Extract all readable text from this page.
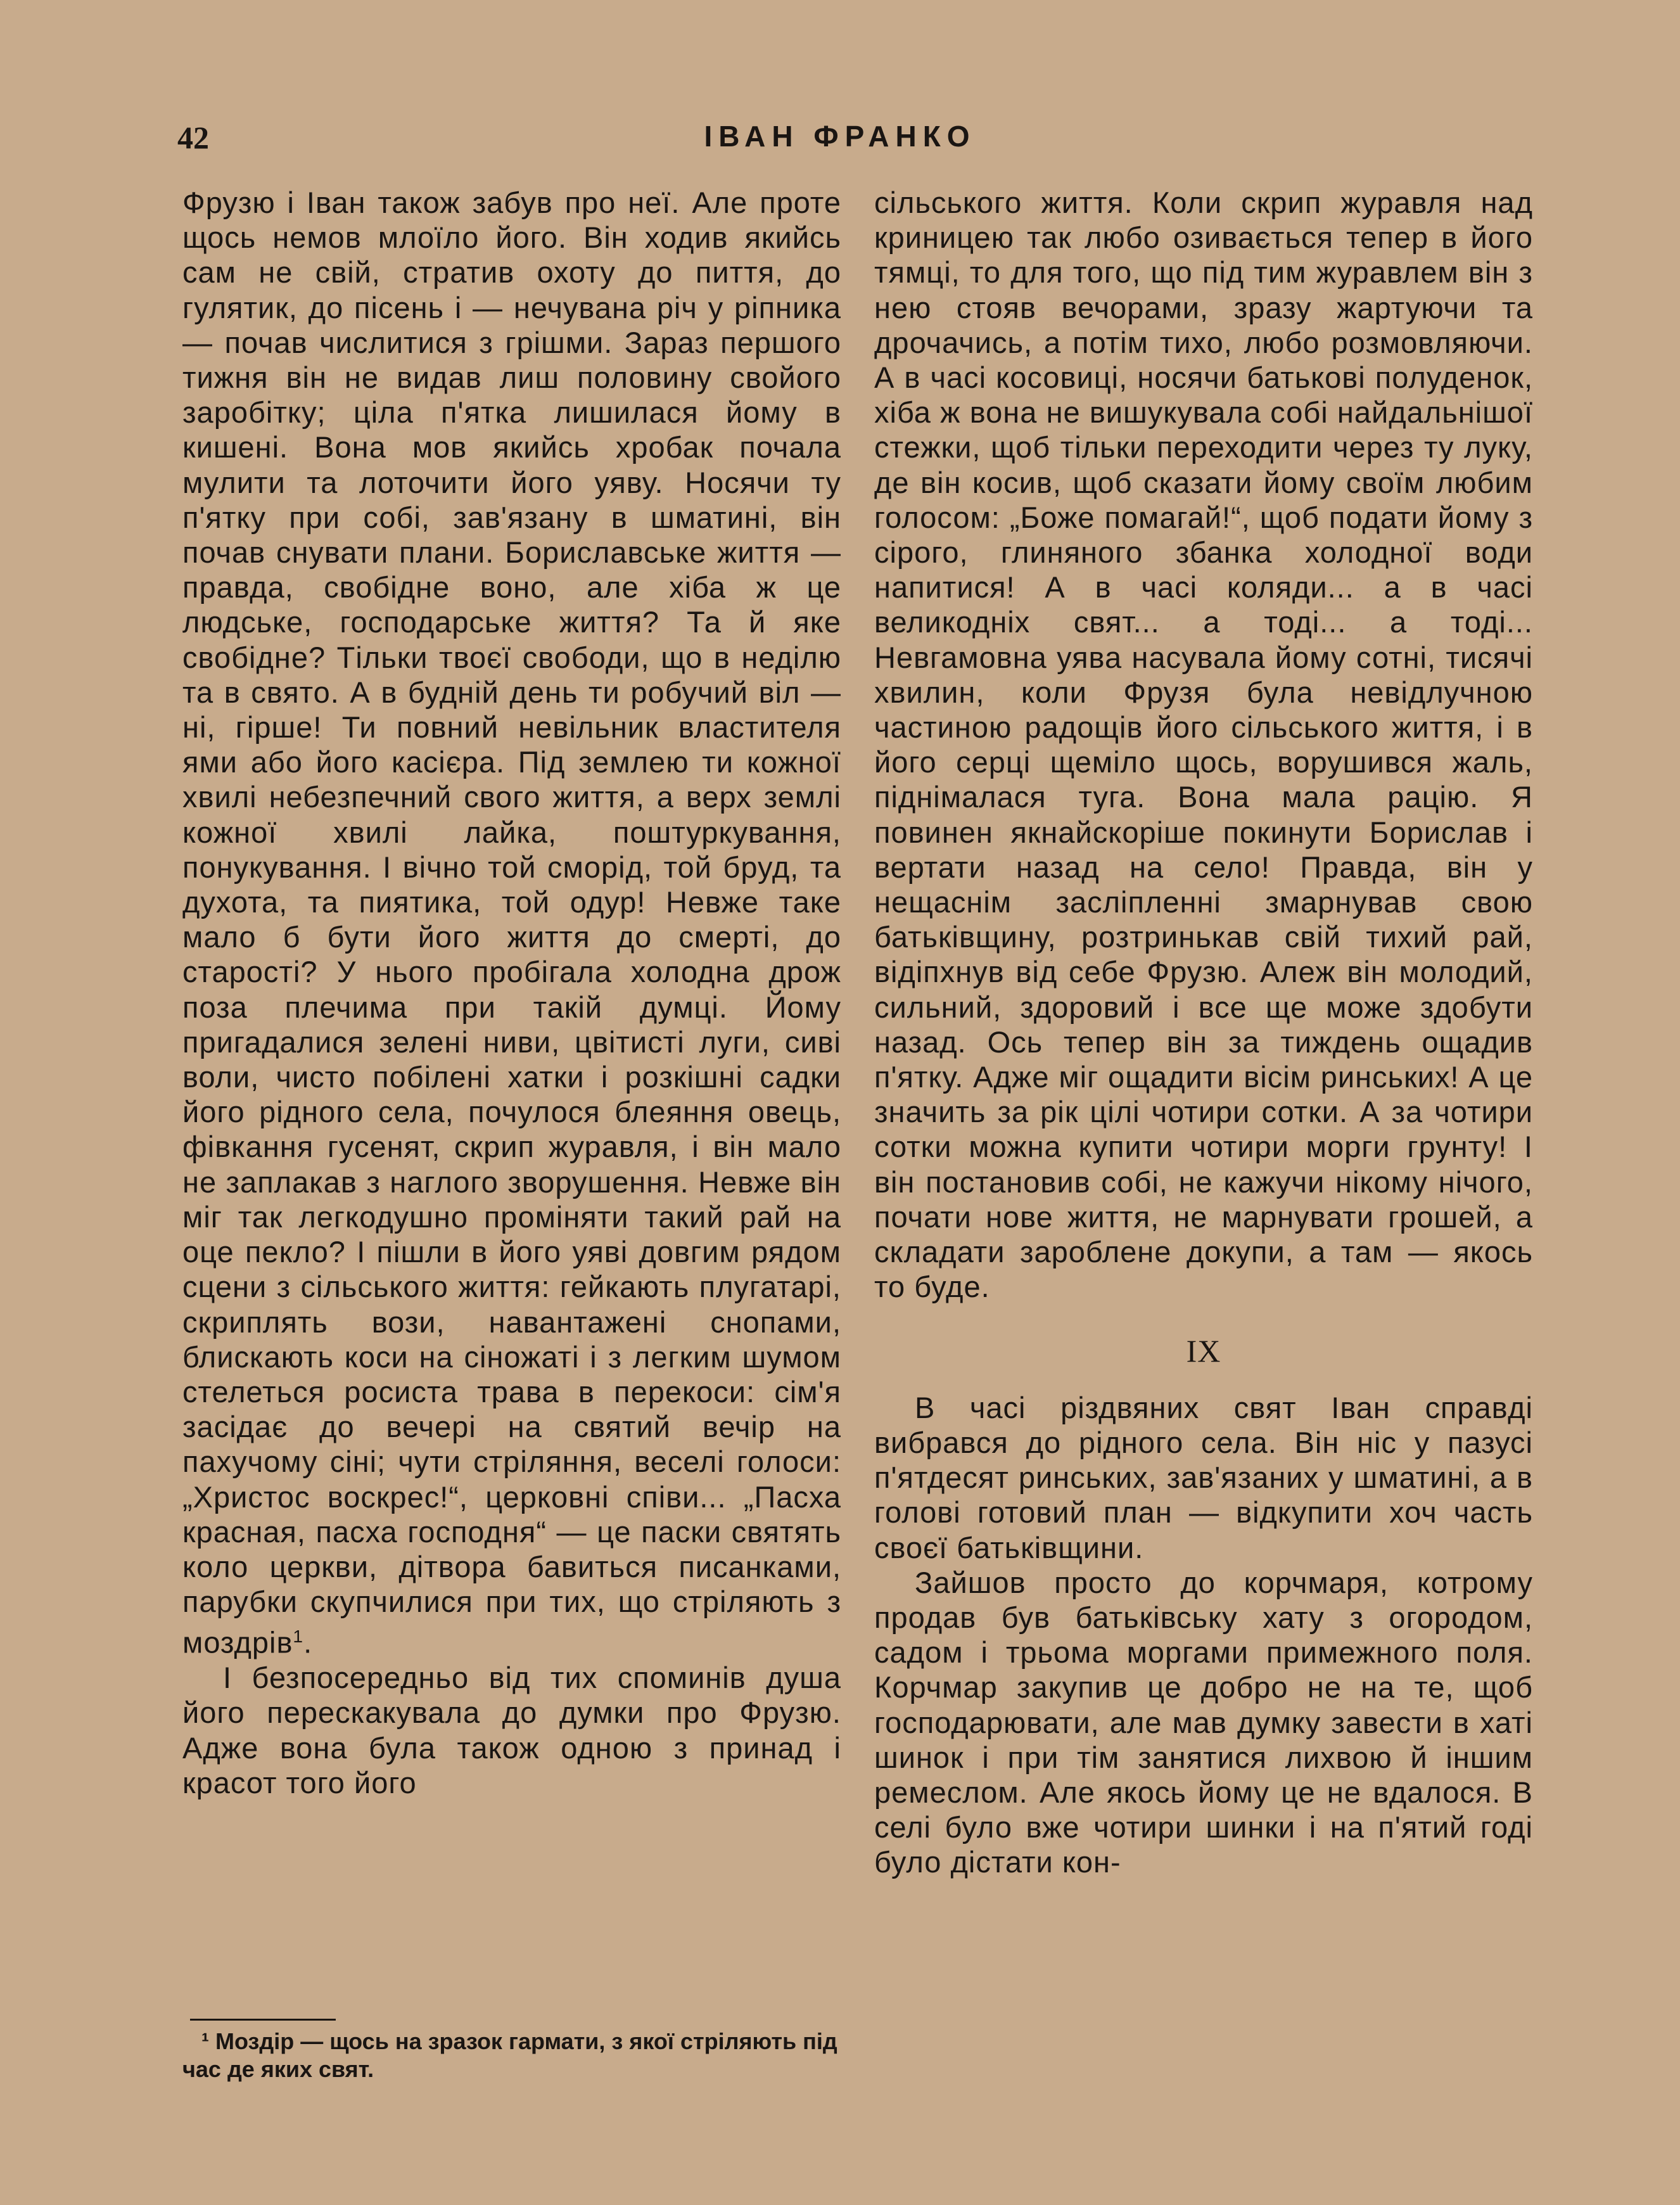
42	ІВАН ФРАНКО

Фрузю і Іван також забув про неї. Але проте щось немов млоїло його. Він ходив якийсь сам не свій, стратив охоту до пиття, до гулятик, до пісень і — нечувана річ у ріпника — почав числитися з грішми. Зараз першого тижня він не видав лиш половину свойого заробітку; ціла п'ятка лишилася йому в кишені. Вона мов якийсь хробак почала мулити та лоточити його уяву. Носячи ту п'ятку при собі, зав'язану в шматині, він почав снувати плани. Бориславське життя — правда, свобідне воно, але хіба ж це людське, господарське життя? Та й яке свобідне? Тільки твоєї свободи, що в неділю та в свято. А в будній день ти робучий віл — ні, гірше! Ти повний невільник властителя ями або його касієра. Під землею ти кожної хвилі небезпечний свого життя, а верх землі кожної хвилі лайка, поштуркування, понукування. І вічно той сморід, той бруд, та духота, та пиятика, той одур! Невже таке мало б бути його життя до смерті, до старості? У нього пробігала холодна дрож поза плечима при такій думці. Йому пригадалися зелені ниви, цвітисті луги, сиві воли, чисто побілені хатки і розкішні садки його рідного села, почулося блеяння овець, фівкання гусенят, скрип журавля, і він мало не заплакав з наглого зворушення. Невже він міг так легкодушно проміняти такий рай на оце пекло? І пішли в його уяві довгим рядом сцени з сільського життя: гейкають плугатарі, скриплять вози, навантажені снопами, блискають коси на сіножаті і з легким шумом стелеться росиста трава в перекоси: сім'я засідає до вечері на святий вечір на пахучому сіні; чути стріляння, веселі голоси: „Христос воскрес!“, церковні співи... „Пасха красная, пасха господня“ — це паски святять коло церкви, дітвора бавиться писанками, парубки скупчилися при тих, що стріляють з моздрів$^1$.

І безпосередньо від тих споминів душа його перескакувала до думки про Фрузю. Адже вона була також одною з принад і красот того його

сільського життя. Коли скрип журавля над криницею так любо озивається тепер в його тямці, то для того, що під тим журавлем він з нею стояв вечорами, зразу жартуючи та дрочачись, а потім тихо, любо розмовляючи. А в часі косовиці, носячи батькові полуденок, хіба ж вона не вишукувала собі найдальнішої стежки, щоб тільки переходити через ту луку, де він косив, щоб сказати йому своїм любим голосом: „Боже помагай!“, щоб подати йому з сірого, глиняного збанка холодної води напитися! А в часі коляди... а в часі великодніх свят... а тоді... а тоді... Невгамовна уява насувала йому сотні, тисячі хвилин, коли Фрузя була невідлучною частиною радощів його сільського життя, і в його серці щеміло щось, ворушився жаль, піднімалася туга. Вона мала рацію. Я повинен якнайскоріше покинути Борислав і вертати назад на село! Правда, він у нещаснім засліпленні змарнував свою батьківщину, розтринькав свій тихий рай, відіпхнув від себе Фрузю. Алеж він молодий, сильний, здоровий і все ще може здобути назад. Ось тепер він за тиждень ощадив п'ятку. Адже міг ощадити вісім ринських! А це значить за рік цілі чотири сотки. А за чотири сотки можна купити чотири морги грунту! І він постановив собі, не кажучи нікому нічого, почати нове життя, не марнувати грошей, а складати зароблене докупи, а там — якось то буде.

IX

В часі різдвяних свят Іван справді вибрався до рідного села. Він ніс у пазусі п'ятдесят ринських, зав'язаних у шматині, а в голові готовий план — відкупити хоч часть своєї батьківщини.

Зайшов просто до корчмаря, котрому продав був батьківську хату з огородом, садом і трьома моргами примежного поля. Корчмар закупив це добро не на те, щоб господарювати, але мав думку завести в хаті шинок і при тім занятися лихвою й іншим ремеслом. Але якось йому це не вдалося. В селі було вже чотири шинки і на п'ятий годі було дістати кон-

¹ Моздір — щось на зразок гармати, з якої стріляють під час де яких свят.
